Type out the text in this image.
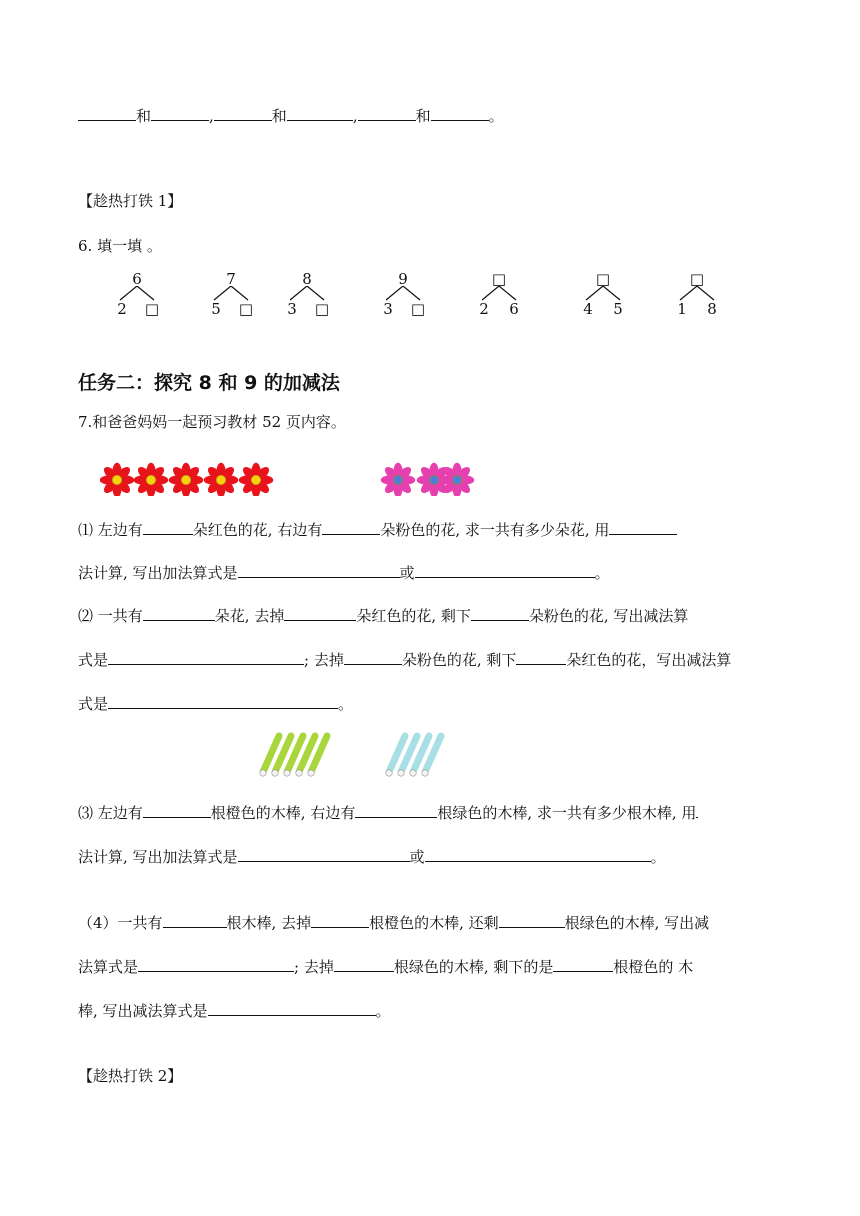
和	,	和	,	和	。
【趁热打铁 1】
6. 填一填 。
6
2 □
7
5 □
8
3 □
9
3 □
□
2 6
□
4 5
□
1 8
任务二：探究 8 和 9 的加减法
7.和爸爸妈妈一起预习教材 52 页内容。
⑴ 左边有	朵红色的花, 右边有	朵粉色的花, 求一共有多少朵花, 用
法计算, 写出加法算式是	或	。
⑵ 一共有	朵花, 去掉	朵红色的花, 剩下	朵粉色的花, 写出减法算
式是	; 去掉	朵粉色的花, 剩下	朵红色的花，写出减法算
式是	。
⑶ 左边有	根橙色的木棒, 右边有	根绿色的木棒, 求一共有多少根木棒, 用
法计算, 写出加法算式是	或	。
（4）一共有	根木棒, 去掉	根橙色的木棒, 还剩	根绿色的木棒, 写出减
法算式是	; 去掉	根绿色的木棒, 剩下的是	根橙色的 木
棒, 写出减法算式是	。
【趁热打铁 2】
